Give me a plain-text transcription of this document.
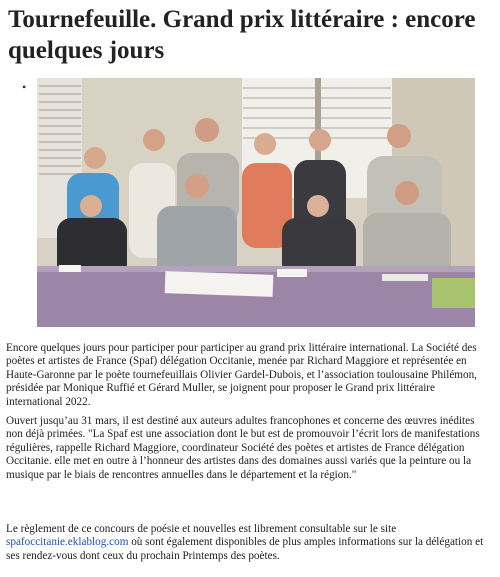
Tournefeuille. Grand prix littéraire : encore quelques jours
•

Encore quelques jours pour participer pour participer au grand prix littéraire international. La Société des poètes et artistes de France (Spaf) délégation Occitanie, menée par Richard Maggiore et représentée en Haute-Garonne par le poète tournefeuillais Olivier Gardel-Dubois, et l’association toulousaine Philémon, présidée par Monique Ruffié et Gérard Muller, se joignent pour proposer le Grand prix littéraire international 2022.

Ouvert jusqu’au 31 mars, il est destiné aux auteurs adultes francophones et concerne des œuvres inédites non déjà primées. "La Spaf est une association dont le but est de promouvoir l’écrit lors de manifestations régulières, rappelle Richard Maggiore, coordinateur Société des poètes et artistes de France délégation Occitanie. elle met en outre à l’honneur des artistes dans des domaines aussi variés que la peinture ou la musique par le biais de rencontres annuelles dans le département et la région."

Le règlement de ce concours de poésie et nouvelles est librement consultable sur le site spafoccitanie.eklablog.com où sont également disponibles de plus amples informations sur la délégation et ses rendez-vous dont ceux du prochain Printemps des poètes.
